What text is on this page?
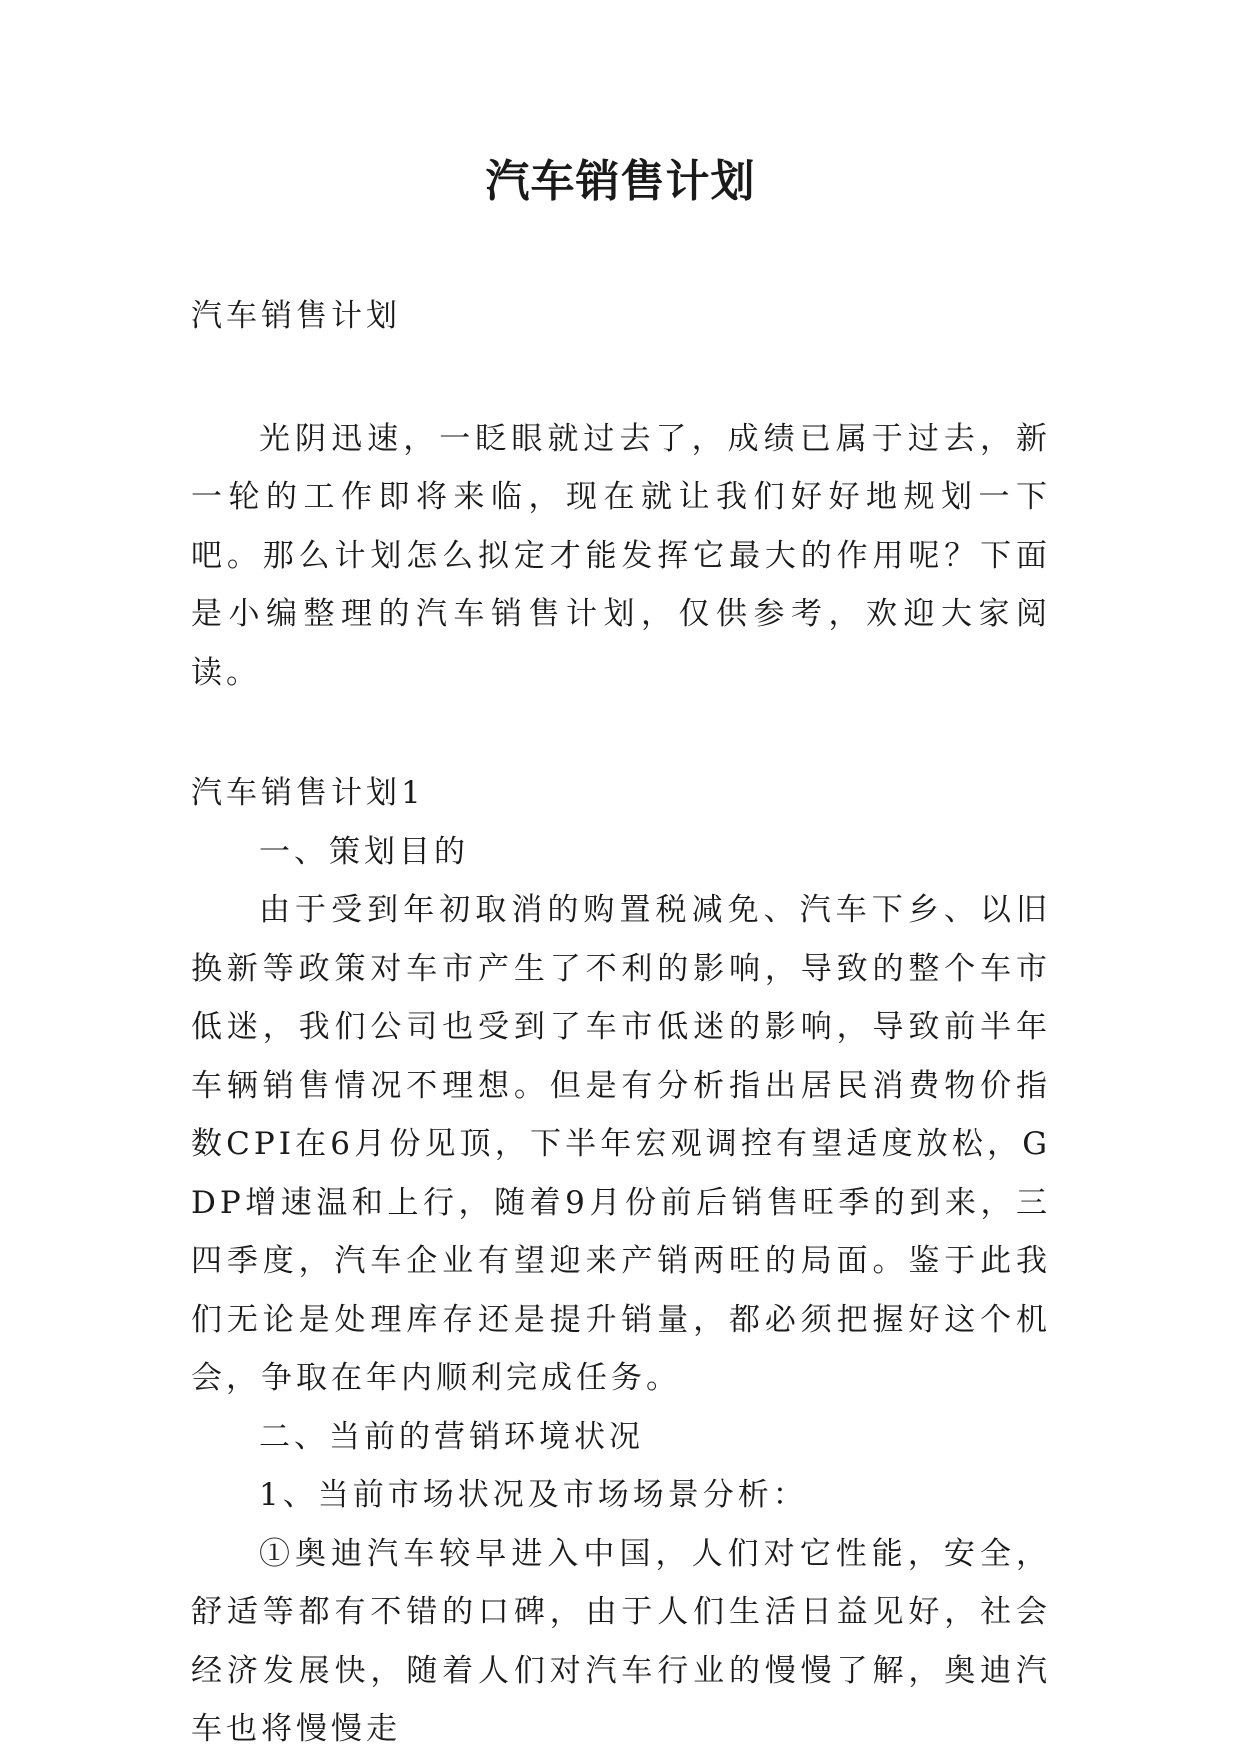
汽车销售计划

汽车销售计划

光阴迅速，一眨眼就过去了，成绩已属于过去，新一轮的工作即将来临，现在就让我们好好地规划一下吧。那么计划怎么拟定才能发挥它最大的作用呢？下面是小编整理的汽车销售计划，仅供参考，欢迎大家阅读。

汽车销售计划1

一、策划目的

由于受到年初取消的购置税减免、汽车下乡、以旧换新等政策对车市产生了不利的影响，导致的整个车市低迷，我们公司也受到了车市低迷的影响，导致前半年车辆销售情况不理想。但是有分析指出居民消费物价指数CPI在6月份见顶，下半年宏观调控有望适度放松，GDP增速温和上行，随着9月份前后销售旺季的到来，三四季度，汽车企业有望迎来产销两旺的局面。鉴于此我们无论是处理库存还是提升销量，都必须把握好这个机会，争取在年内顺利完成任务。

二、当前的营销环境状况

1、当前市场状况及市场场景分析：

①奥迪汽车较早进入中国，人们对它性能，安全，舒适等都有不错的口碑，由于人们生活日益见好，社会经济发展快，随着人们对汽车行业的慢慢了解，奥迪汽车也将慢慢走
